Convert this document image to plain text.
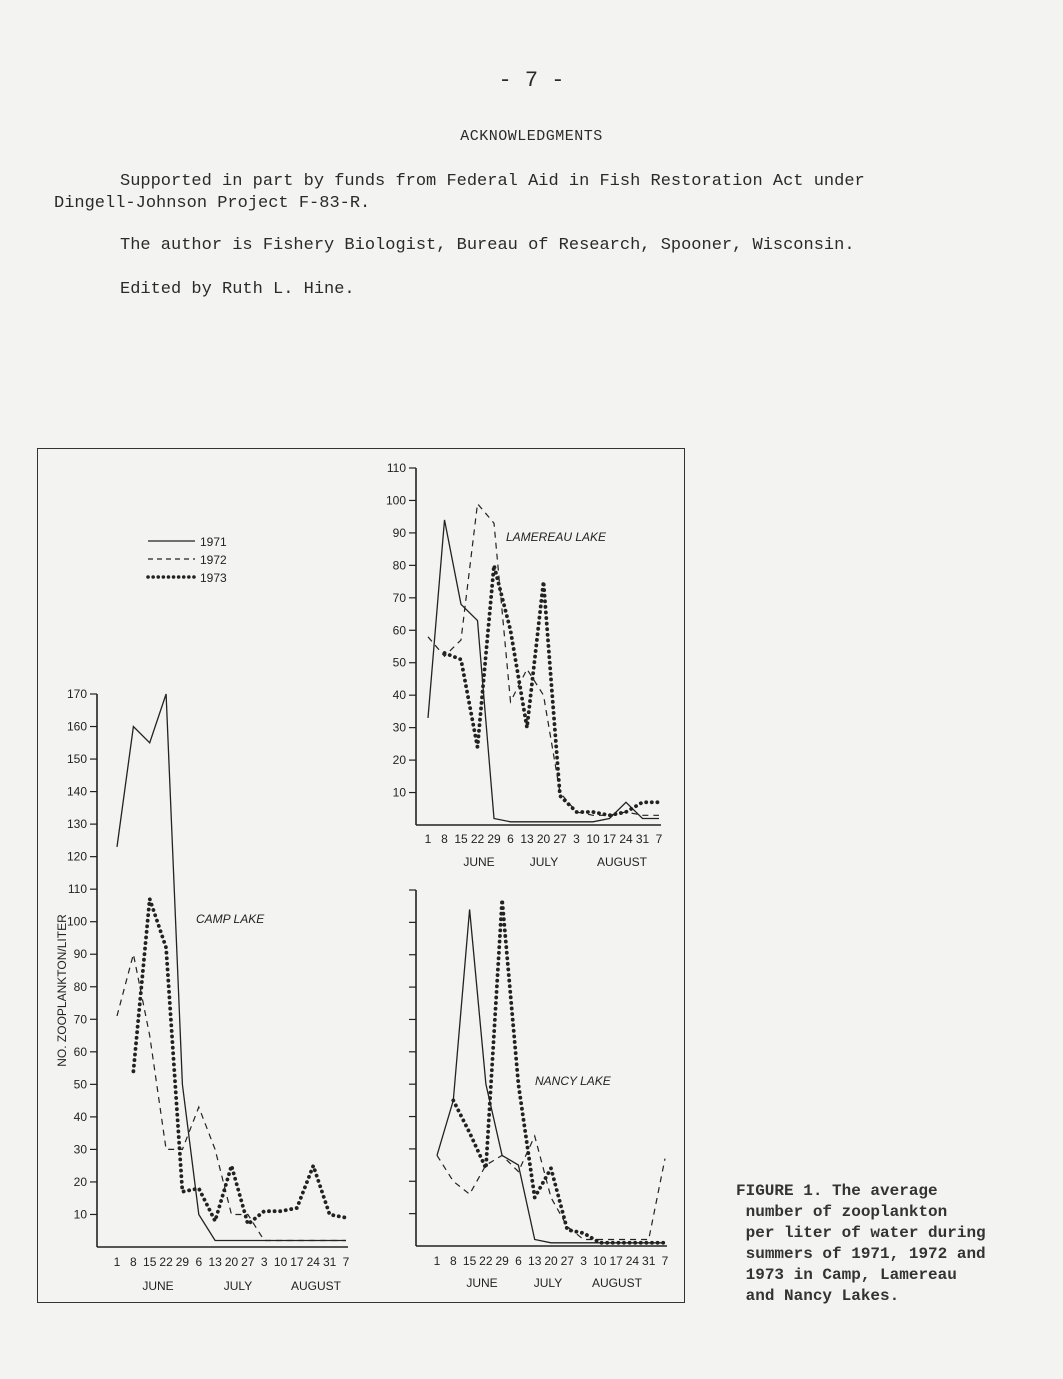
- 7 -
ACKNOWLEDGMENTS
Supported in part by funds from Federal Aid in Fish Restoration Act under
Dingell-Johnson Project F-83-R.
The author is Fishery Biologist, Bureau of Research, Spooner, Wisconsin.
Edited by Ruth L. Hine.
1971
1972
1973
10
20
30
40
50
60
70
80
90
100
110
120
130
140
150
160
170
1 8 15 22 29 6 13 20 27 3 10 17 24 31 7
JUNE	JULY	AUGUST
CAMP LAKE
NO. ZOOPLANKTON/LITER
10
20
30
40
50
60
70
80
90
100
110
1 8 15 22 29 6 13 20 27 3 10 17 24 31 7
JUNE	JULY	AUGUST
LAMEREAU LAKE
1 8 15 22 29 6 13 20 27 3 10 17 24 31 7
JUNE	JULY AUGUST
NANCY LAKE
FIGURE 1. The average
number of zooplankton
per liter of water during
summers of 1971, 1972 and
1973 in Camp, Lamereau
and Nancy Lakes.
